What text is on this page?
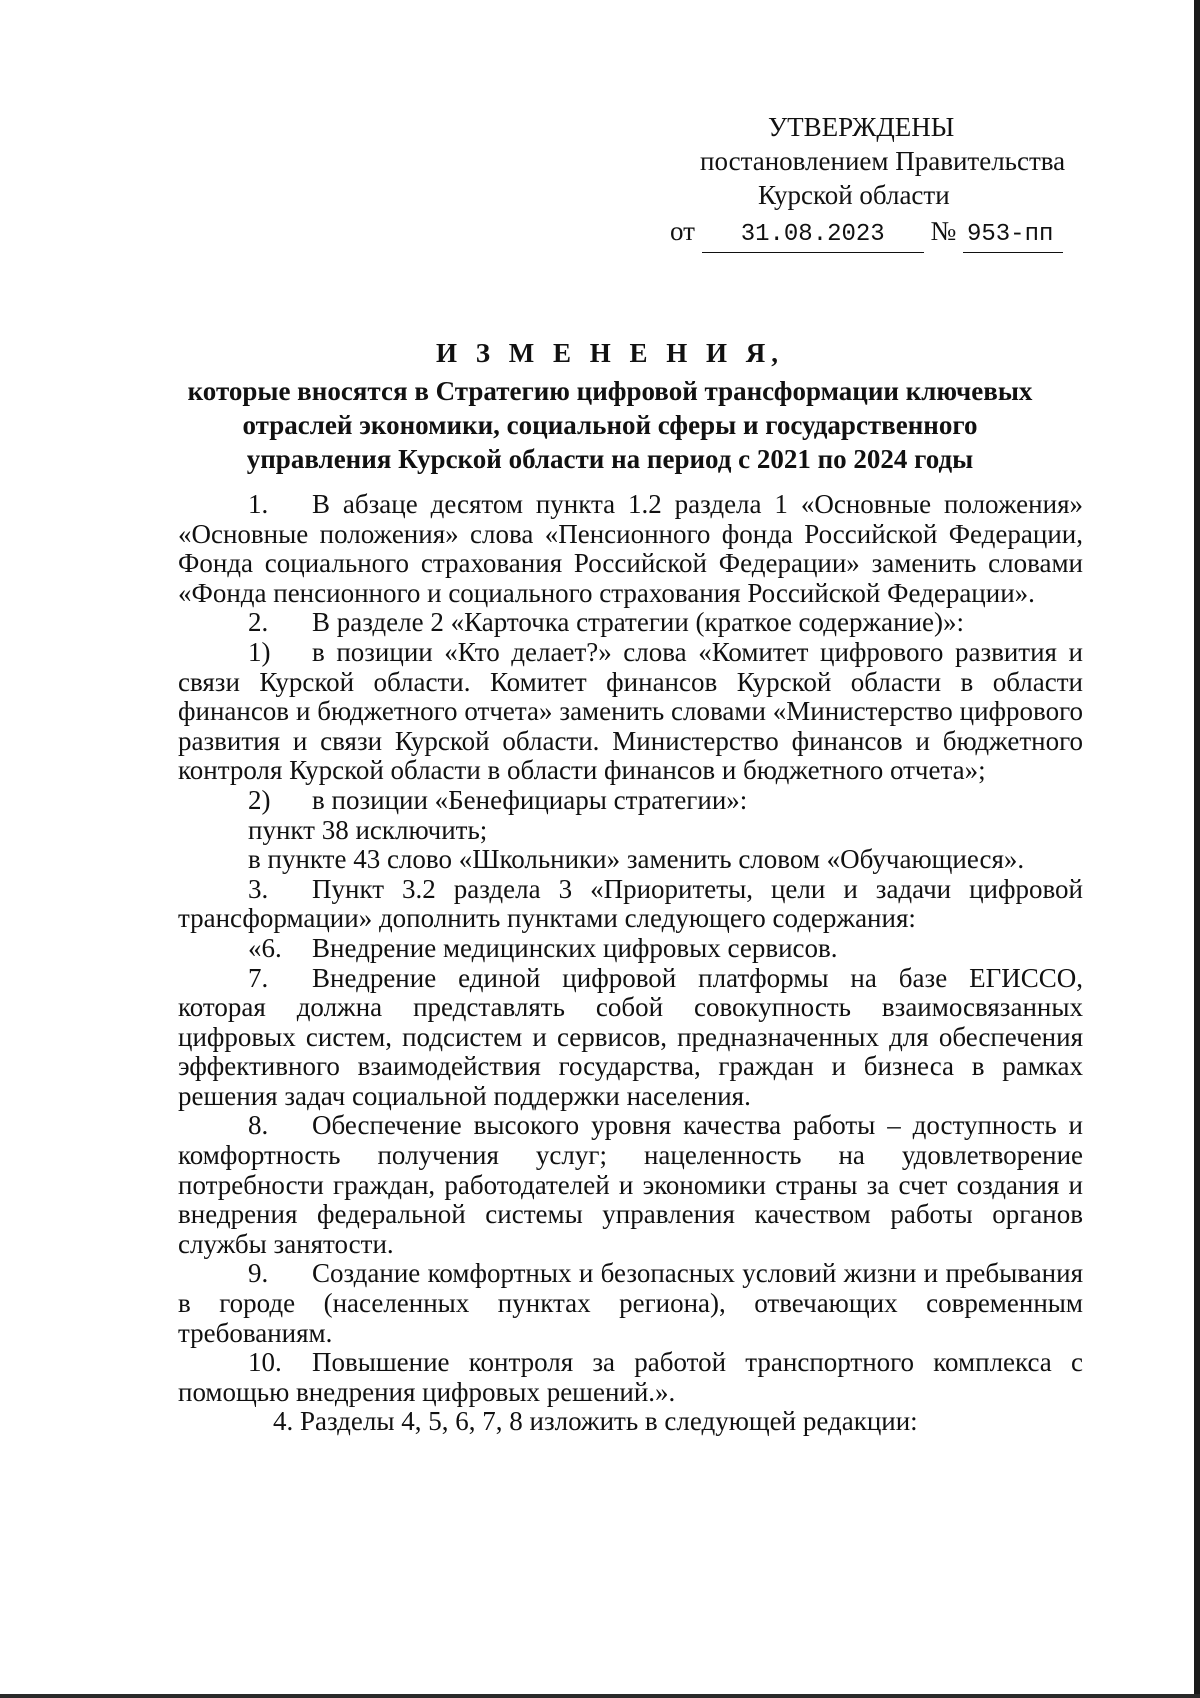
УТВЕРЖДЕНЫ
постановлением Правительства
Курской области
от 31.08.2023 № 953-пп
И З М Е Н Е Н И Я,
которые вносятся в Стратегию цифровой трансформации ключевых
отраслей экономики, социальной сферы и государственного
управления Курской области на период с 2021 по 2024 годы

1. В абзаце десятом пункта 1.2 раздела 1 «Основные положения» «Основные положения» слова «Пенсионного фонда Российской Федерации, Фонда социального страхования Российской Федерации» заменить словами «Фонда пенсионного и социального страхования Российской Федерации».

2. В разделе 2 «Карточка стратегии (краткое содержание)»:

1) в позиции «Кто делает?» слова «Комитет цифрового развития и связи Курской области. Комитет финансов Курской области в области финансов и бюджетного отчета» заменить словами «Министерство цифрового развития и связи Курской области. Министерство финансов и бюджетного контроля Курской области в области финансов и бюджетного отчета»;

2) в позиции «Бенефициары стратегии»:

пункт 38 исключить;

в пункте 43 слово «Школьники» заменить словом «Обучающиеся».

3. Пункт 3.2 раздела 3 «Приоритеты, цели и задачи цифровой трансформации» дополнить пунктами следующего содержания:

«6. Внедрение медицинских цифровых сервисов.

7. Внедрение единой цифровой платформы на базе ЕГИССО, которая должна представлять собой совокупность взаимосвязанных цифровых систем, подсистем и сервисов, предназначенных для обеспечения эффективного взаимодействия государства, граждан и бизнеса в рамках решения задач социальной поддержки населения.

8. Обеспечение высокого уровня качества работы – доступность и комфортность получения услуг; нацеленность на удовлетворение потребности граждан, работодателей и экономики страны за счет создания и внедрения федеральной системы управления качеством работы органов службы занятости.

9. Создание комфортных и безопасных условий жизни и пребывания в городе (населенных пунктах региона), отвечающих современным требованиям.

10. Повышение контроля за работой транспортного комплекса с помощью внедрения цифровых решений.».

4. Разделы 4, 5, 6, 7, 8 изложить в следующей редакции:
